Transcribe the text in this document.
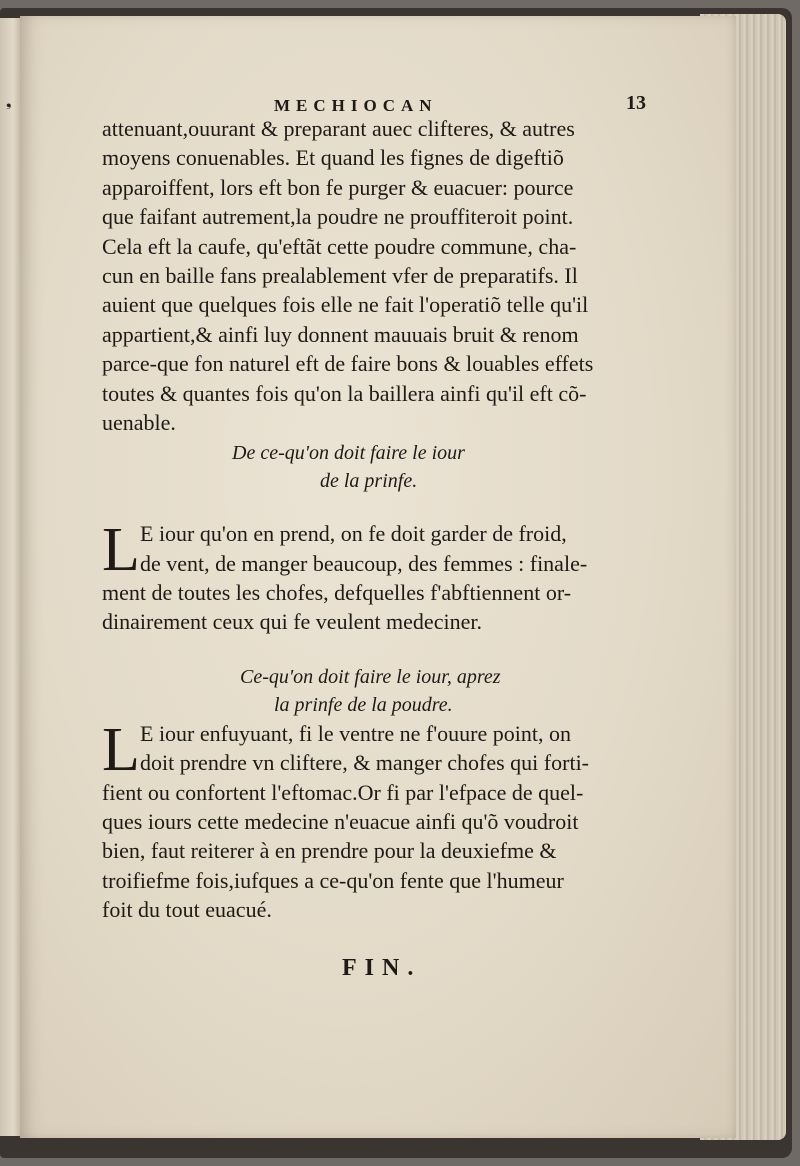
❟	MECHIOCAN	13
attenuant,ouurant & preparant auec clifteres, & autres
moyens conuenables. Et quand les fignes de digeftiõ
apparoiffent, lors eft bon fe purger & euacuer: pource
que faifant autrement,la poudre ne prouffiteroit point.
Cela eft la caufe, qu'eftãt cette poudre commune, cha-
cun en baille fans prealablement vfer de preparatifs. Il
auient que quelques fois elle ne fait l'operatiõ telle qu'il
appartient,& ainfi luy donnent mauuais bruit & renom
parce-que fon naturel eft de faire bons & louables effets
toutes & quantes fois qu'on la baillera ainfi qu'il eft cõ-
uenable.
De ce-qu'on doit faire le iour
de la prinfe.
L E iour qu'on en prend, on fe doit garder de froid,
de vent, de manger beaucoup, des femmes : finale-
ment de toutes les chofes, defquelles f'abftiennent or-
dinairement ceux qui fe veulent medeciner.
Ce-qu'on doit faire le iour, aprez
la prinfe de la poudre.
L E iour enfuyuant, fi le ventre ne f'ouure point, on
doit prendre vn cliftere, & manger chofes qui forti-
fient ou confortent l'eftomac.Or fi par l'efpace de quel-
ques iours cette medecine n'euacue ainfi qu'õ voudroit
bien, faut reiterer à en prendre pour la deuxiefme &
troifiefme fois,iufques a ce-qu'on fente que l'humeur
foit du tout euacué.
FIN.
